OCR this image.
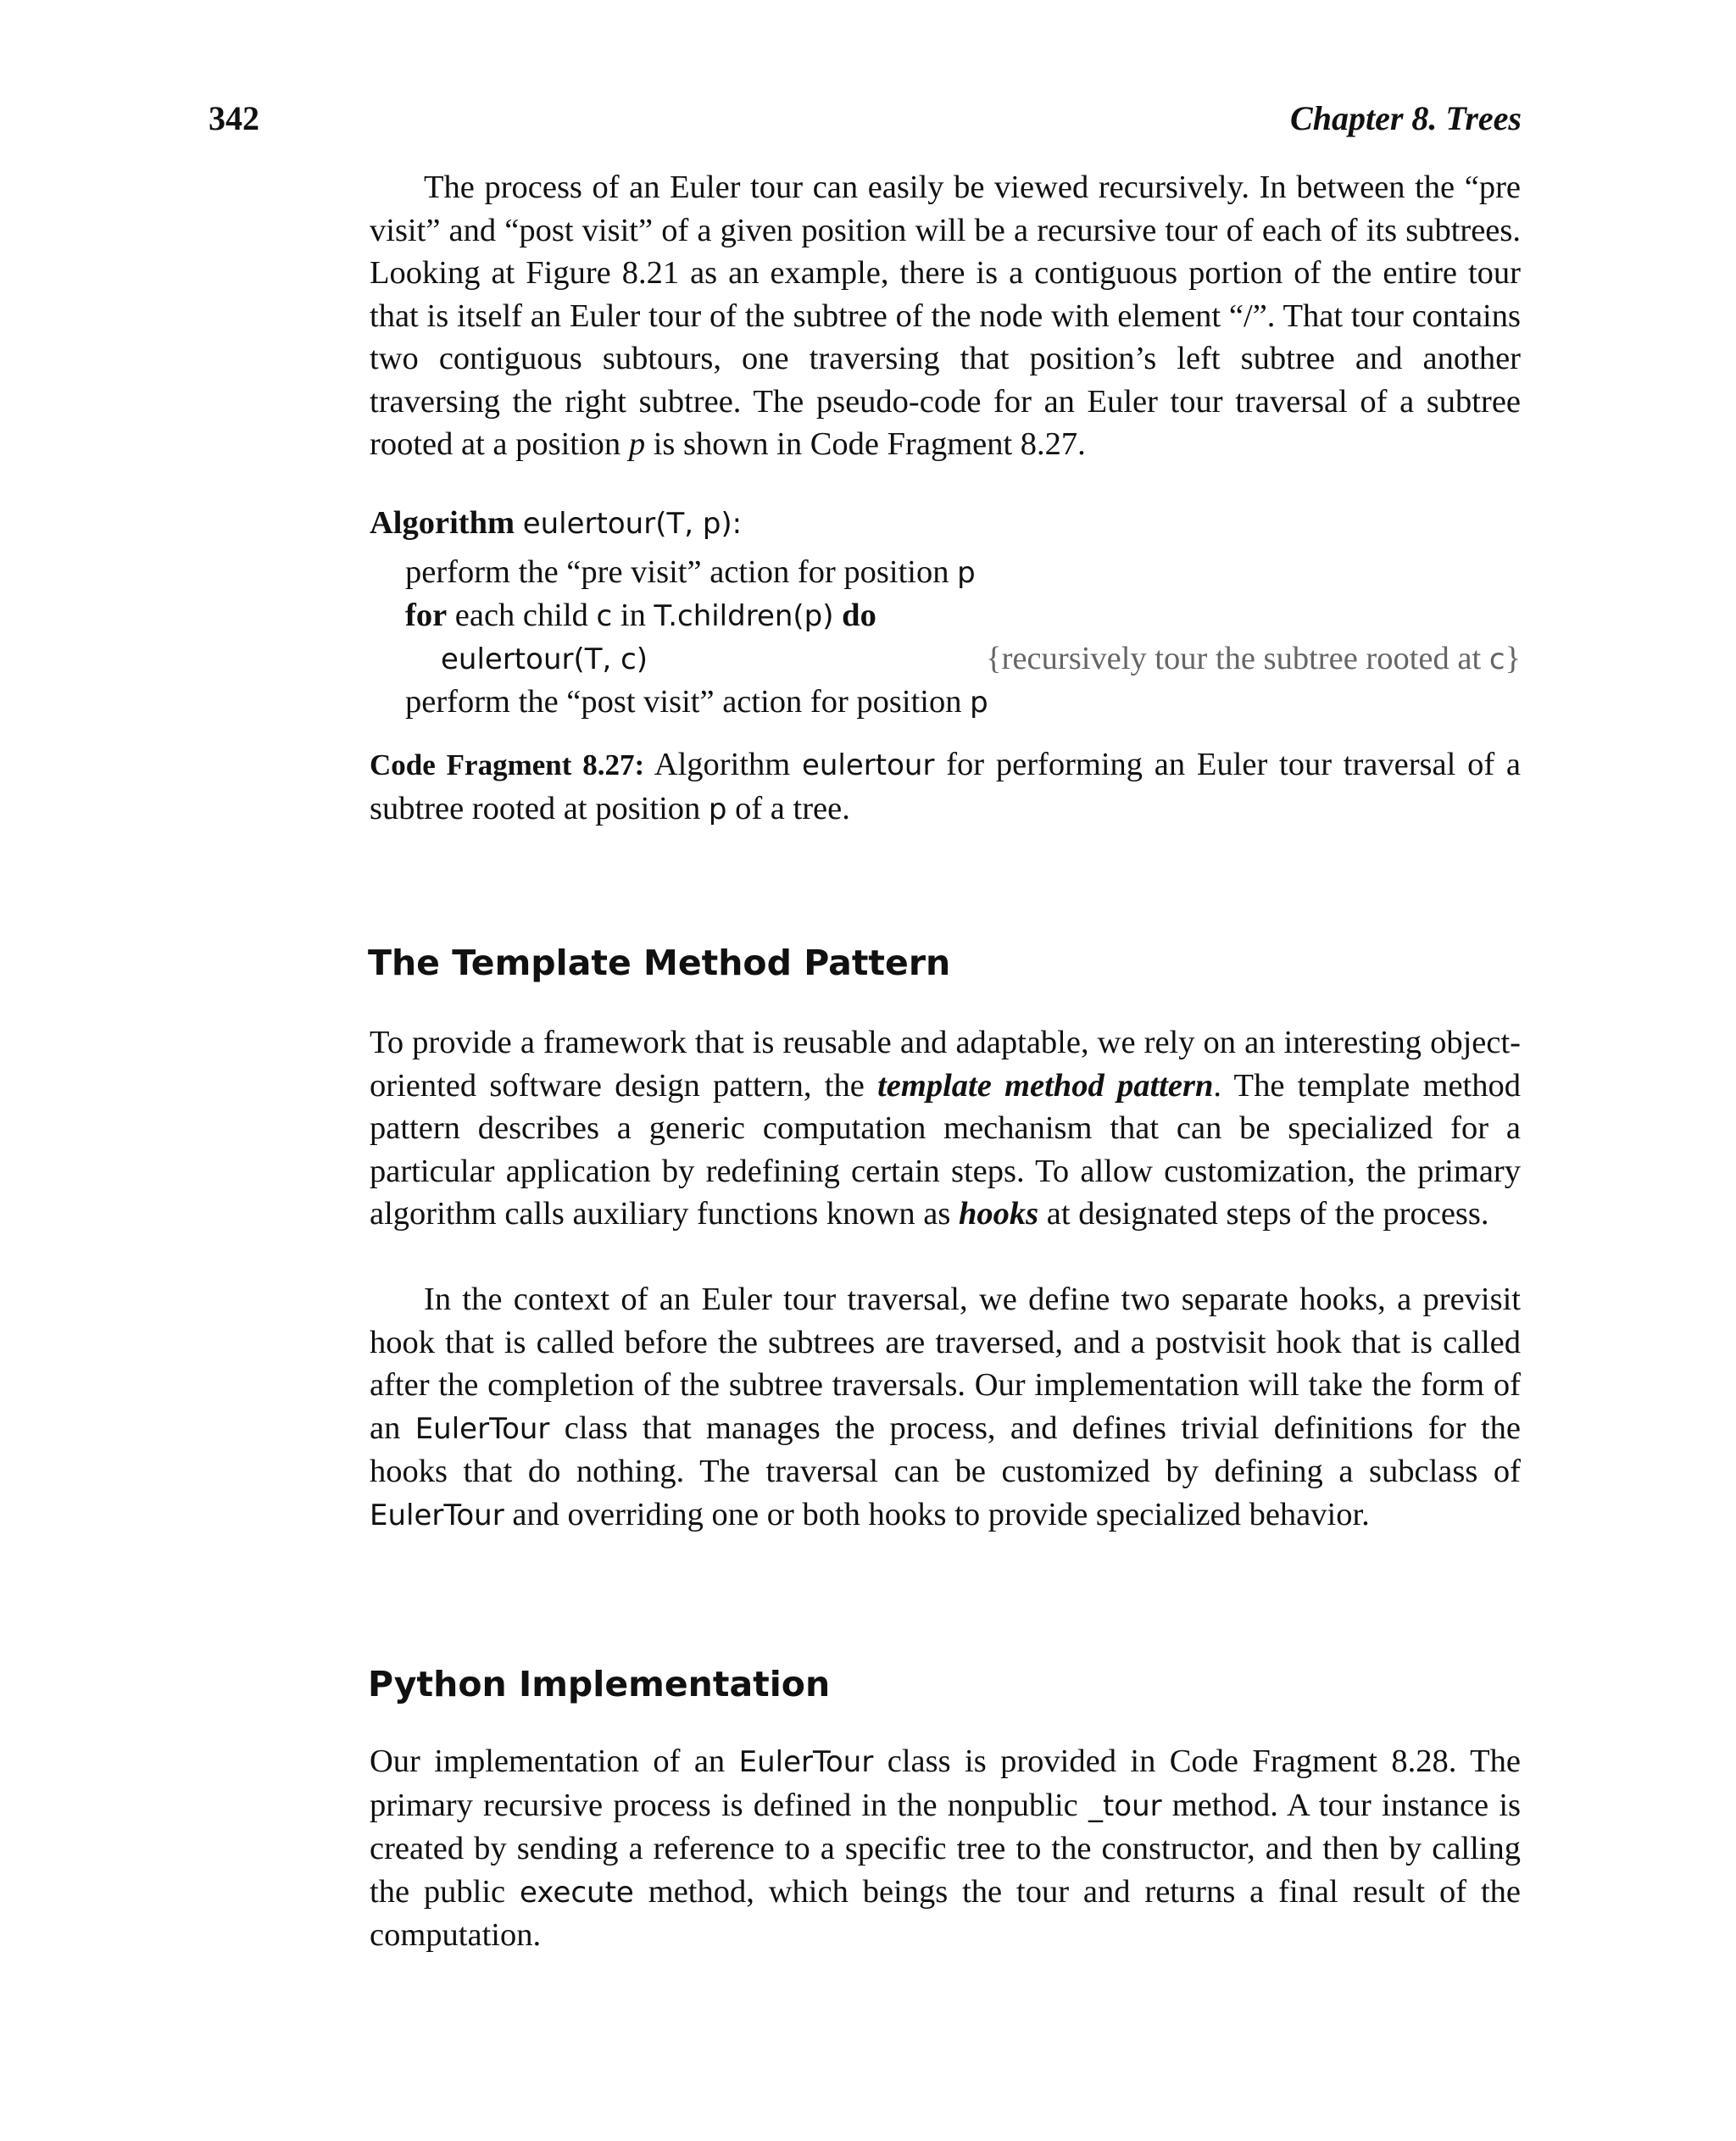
342	Chapter 8. Trees

The process of an Euler tour can easily be viewed recursively. In between the “pre visit” and “post visit” of a given position will be a recursive tour of each of its subtrees. Looking at Figure 8.21 as an example, there is a contiguous portion of the entire tour that is itself an Euler tour of the subtree of the node with element “/”. That tour contains two contiguous subtours, one traversing that position’s left subtree and another traversing the right subtree. The pseudo-code for an Euler tour traversal of a subtree rooted at a position p is shown in Code Fragment 8.27.

Algorithm eulertour(T, p):
perform the “pre visit” action for position p
for each child c in T.children(p) do
eulertour(T, c)	{recursively tour the subtree rooted at c}
perform the “post visit” action for position p

Code Fragment 8.27: Algorithm eulertour for performing an Euler tour traversal of a subtree rooted at position p of a tree.

The Template Method Pattern

To provide a framework that is reusable and adaptable, we rely on an interesting object-oriented software design pattern, the template method pattern. The template method pattern describes a generic computation mechanism that can be specialized for a particular application by redefining certain steps. To allow customization, the primary algorithm calls auxiliary functions known as hooks at designated steps of the process.

In the context of an Euler tour traversal, we define two separate hooks, a previsit hook that is called before the subtrees are traversed, and a postvisit hook that is called after the completion of the subtree traversals. Our implementation will take the form of an EulerTour class that manages the process, and defines trivial definitions for the hooks that do nothing. The traversal can be customized by defining a subclass of EulerTour and overriding one or both hooks to provide specialized behavior.

Python Implementation

Our implementation of an EulerTour class is provided in Code Fragment 8.28. The primary recursive process is defined in the nonpublic _tour method. A tour instance is created by sending a reference to a specific tree to the constructor, and then by calling the public execute method, which beings the tour and returns a final result of the computation.
